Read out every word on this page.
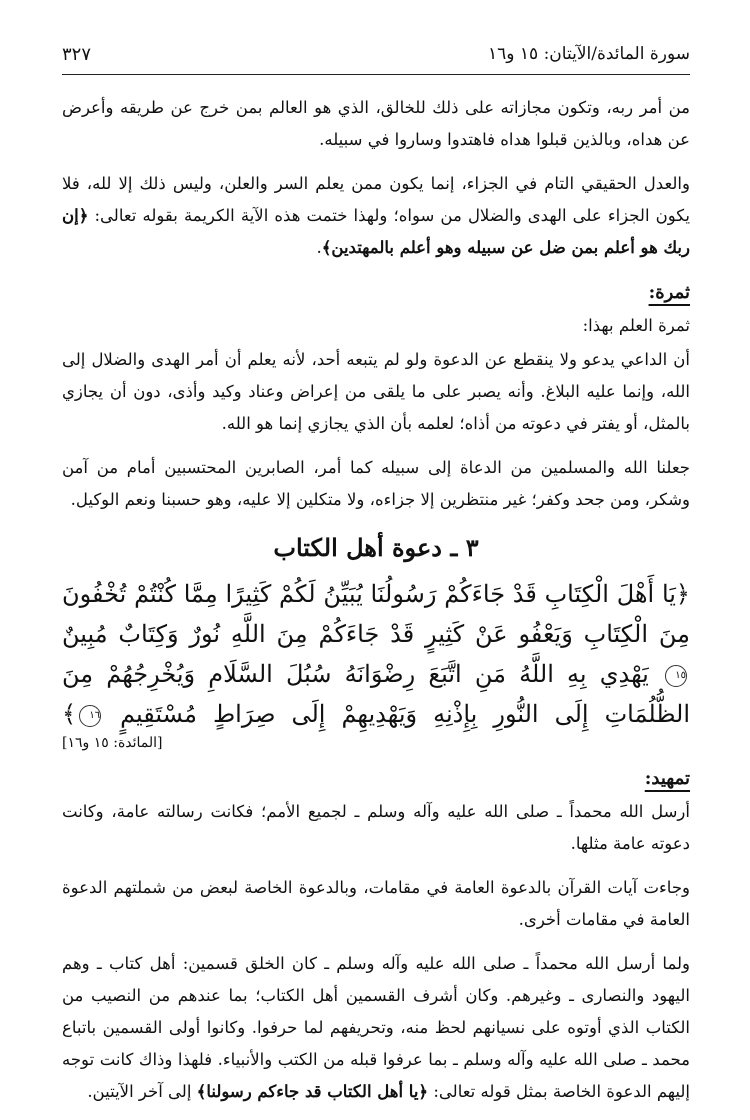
سورة المائدة/الآيتان: ١٥ و١٦
٣٢٧

من أمر ربه، وتكون مجازاته على ذلك للخالق، الذي هو العالم بمن خرج عن طريقه وأعرض عن هداه، وبالذين قبلوا هداه فاهتدوا وساروا في سبيله.

والعدل الحقيقي التام في الجزاء، إنما يكون ممن يعلم السر والعلن، وليس ذلك إلا لله، فلا يكون الجزاء على الهدى والضلال من سواه؛ ولهذا ختمت هذه الآية الكريمة بقوله تعالى: ﴿إن ربك هو أعلم بمن ضل عن سبيله وهو أعلم بالمهتدين﴾.

ثمرة:

ثمرة العلم بهذا:

أن الداعي يدعو ولا ينقطع عن الدعوة ولو لم يتبعه أحد، لأنه يعلم أن أمر الهدى والضلال إلى الله، وإنما عليه البلاغ. وأنه يصبر على ما يلقى من إعراض وعناد وكيد وأذى، دون أن يجازي بالمثل، أو يفتر في دعوته من أذاه؛ لعلمه بأن الذي يجازي إنما هو الله.

جعلنا الله والمسلمين من الدعاة إلى سبيله كما أمر، الصابرين المحتسبين أمام من آمن وشكر، ومن جحد وكفر؛ غير منتظرين إلا جزاءه، ولا متكلين إلا عليه، وهو حسبنا ونعم الوكيل.

٣ ـ دعوة أهل الكتاب
﴿يَا أَهْلَ الْكِتَابِ قَدْ جَاءَكُمْ رَسُولُنَا يُبَيِّنُ لَكُمْ كَثِيرًا مِمَّا كُنْتُمْ تُخْفُونَ مِنَ الْكِتَابِ وَيَعْفُو عَنْ كَثِيرٍ قَدْ جَاءَكُمْ مِنَ اللَّهِ نُورٌ وَكِتَابٌ مُبِينٌ ١٥ يَهْدِي بِهِ اللَّهُ مَنِ اتَّبَعَ رِضْوَانَهُ سُبُلَ السَّلَامِ وَيُخْرِجُهُمْ مِنَ الظُّلُمَاتِ إِلَى النُّورِ بِإِذْنِهِ وَيَهْدِيهِمْ إِلَى صِرَاطٍ مُسْتَقِيمٍ ١٦﴾
[المائدة: ١٥ و١٦]
تمهيد:

أرسل الله محمداً ـ صلى الله عليه وآله وسلم ـ لجميع الأمم؛ فكانت رسالته عامة، وكانت دعوته عامة مثلها.

وجاءت آيات القرآن بالدعوة العامة في مقامات، وبالدعوة الخاصة لبعض من شملتهم الدعوة العامة في مقامات أخرى.

ولما أرسل الله محمداً ـ صلى الله عليه وآله وسلم ـ كان الخلق قسمين: أهل كتاب ـ وهم اليهود والنصارى ـ وغيرهم. وكان أشرف القسمين أهل الكتاب؛ بما عندهم من النصيب من الكتاب الذي أوتوه على نسيانهم لحظ منه، وتحريفهم لما حرفوا. وكانوا أولى القسمين باتباع محمد ـ صلى الله عليه وآله وسلم ـ بما عرفوا قبله من الكتب والأنبياء. فلهذا وذاك كانت توجه إليهم الدعوة الخاصة بمثل قوله تعالى: ﴿يا أهل الكتاب قد جاءكم رسولنا﴾ إلى آخر الآيتين.
